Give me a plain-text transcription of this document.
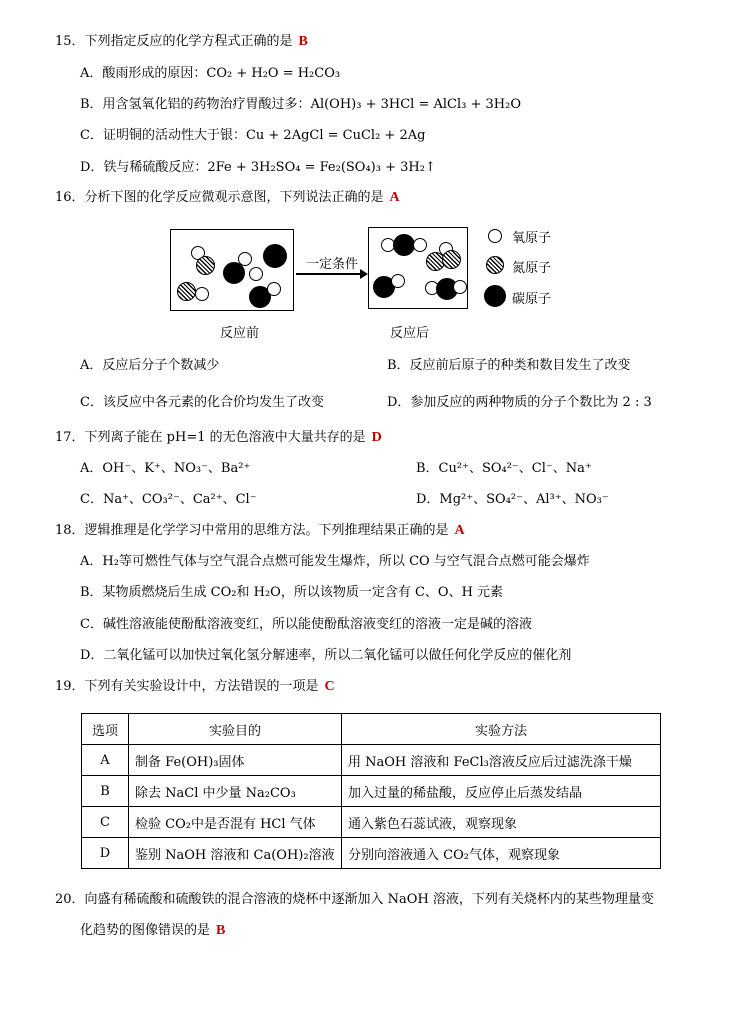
15．下列指定反应的化学方程式正确的是 B
A．酸雨形成的原因：CO₂ + H₂O = H₂CO₃
B．用含氢氧化铝的药物治疗胃酸过多：Al(OH)₃ + 3HCl = AlCl₃ + 3H₂O
C．证明铜的活动性大于银：Cu + 2AgCl = CuCl₂ + 2Ag
D．铁与稀硫酸反应：2Fe + 3H₂SO₄ = Fe₂(SO₄)₃ + 3H₂↑
16．分析下图的化学反应微观示意图，下列说法正确的是 A
一定条件
氧原子
氮原子
碳原子
反应前	反应后
A．反应后分子个数减少	B．反应前后原子的种类和数目发生了改变
C．该反应中各元素的化合价均发生了改变	D．参加反应的两种物质的分子个数比为 2 : 3
17．下列离子能在 pH=1 的无色溶液中大量共存的是 D
A．OH⁻、K⁺、NO₃⁻、Ba²⁺	B．Cu²⁺、SO₄²⁻、Cl⁻、Na⁺
C．Na⁺、CO₃²⁻、Ca²⁺、Cl⁻	D．Mg²⁺、SO₄²⁻、Al³⁺、NO₃⁻
18．逻辑推理是化学学习中常用的思维方法。下列推理结果正确的是 A
A．H₂等可燃性气体与空气混合点燃可能发生爆炸，所以 CO 与空气混合点燃可能会爆炸
B．某物质燃烧后生成 CO₂和 H₂O，所以该物质一定含有 C、O、H 元素
C．碱性溶液能使酚酞溶液变红，所以能使酚酞溶液变红的溶液一定是碱的溶液
D．二氧化锰可以加快过氧化氢分解速率，所以二氧化锰可以做任何化学反应的催化剂
19．下列有关实验设计中，方法错误的一项是 C
选项	实验目的	实验方法
A	制备 Fe(OH)₃固体	用 NaOH 溶液和 FeCl₃溶液反应后过滤洗涤干燥
B	除去 NaCl 中少量 Na₂CO₃	加入过量的稀盐酸，反应停止后蒸发结晶
C	检验 CO₂中是否混有 HCl 气体	通入紫色石蕊试液，观察现象
D	鉴别 NaOH 溶液和 Ca(OH)₂溶液	分别向溶液通入 CO₂气体，观察现象
20．向盛有稀硫酸和硫酸铁的混合溶液的烧杯中逐渐加入 NaOH 溶液，下列有关烧杯内的某些物理量变
化趋势的图像错误的是 B
